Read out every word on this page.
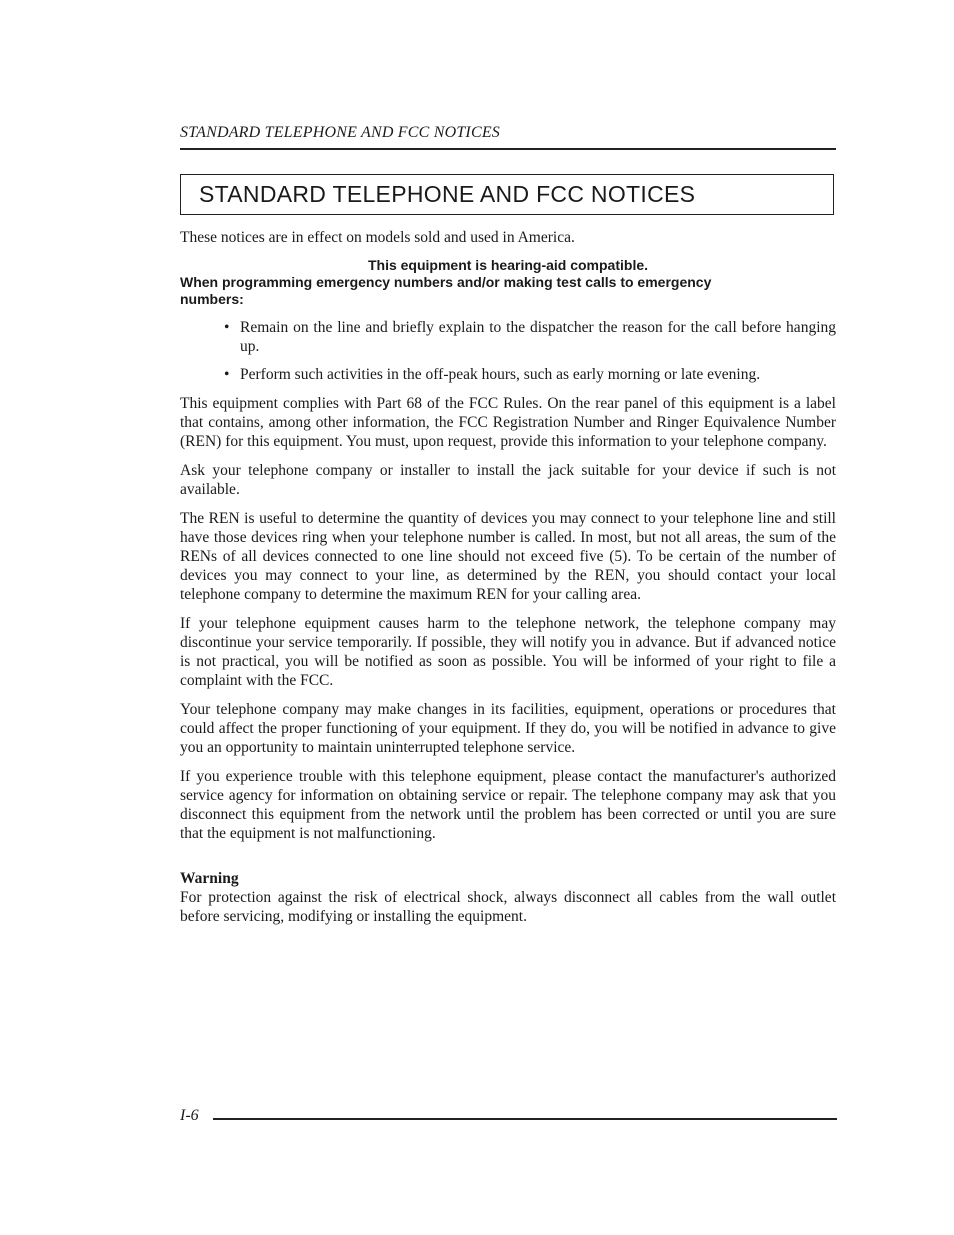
STANDARD TELEPHONE AND FCC NOTICES
STANDARD TELEPHONE AND FCC NOTICES

These notices are in effect on models sold and used in America.

This equipment is hearing-aid compatible.

When programming emergency numbers and/or making test calls to emergency numbers:

• Remain on the line and briefly explain to the dispatcher the reason for the call before hanging up.
• Perform such activities in the off-peak hours, such as early morning or late evening.

This equipment complies with Part 68 of the FCC Rules. On the rear panel of this equipment is a label that contains, among other information, the FCC Registration Number and Ringer Equivalence Number (REN) for this equipment. You must, upon request, provide this information to your telephone company.

Ask your telephone company or installer to install the jack suitable for your device if such is not available.

The REN is useful to determine the quantity of devices you may connect to your telephone line and still have those devices ring when your telephone number is called. In most, but not all areas, the sum of the RENs of all devices connected to one line should not exceed five (5). To be certain of the number of devices you may connect to your line, as determined by the REN, you should contact your local telephone company to determine the maximum REN for your calling area.

If your telephone equipment causes harm to the telephone network, the telephone company may discontinue your service temporarily. If possible, they will notify you in advance. But if advanced notice is not practical, you will be notified as soon as possible. You will be informed of your right to file a complaint with the FCC.

Your telephone company may make changes in its facilities, equipment, operations or procedures that could affect the proper functioning of your equipment. If they do, you will be notified in advance to give you an opportunity to maintain uninterrupted telephone service.

If you experience trouble with this telephone equipment, please contact the manufacturer's authorized service agency for information on obtaining service or repair. The telephone company may ask that you disconnect this equipment from the network until the problem has been corrected or until you are sure that the equipment is not malfunctioning.

Warning

For protection against the risk of electrical shock, always disconnect all cables from the wall outlet before servicing, modifying or installing the equipment.

I-6
